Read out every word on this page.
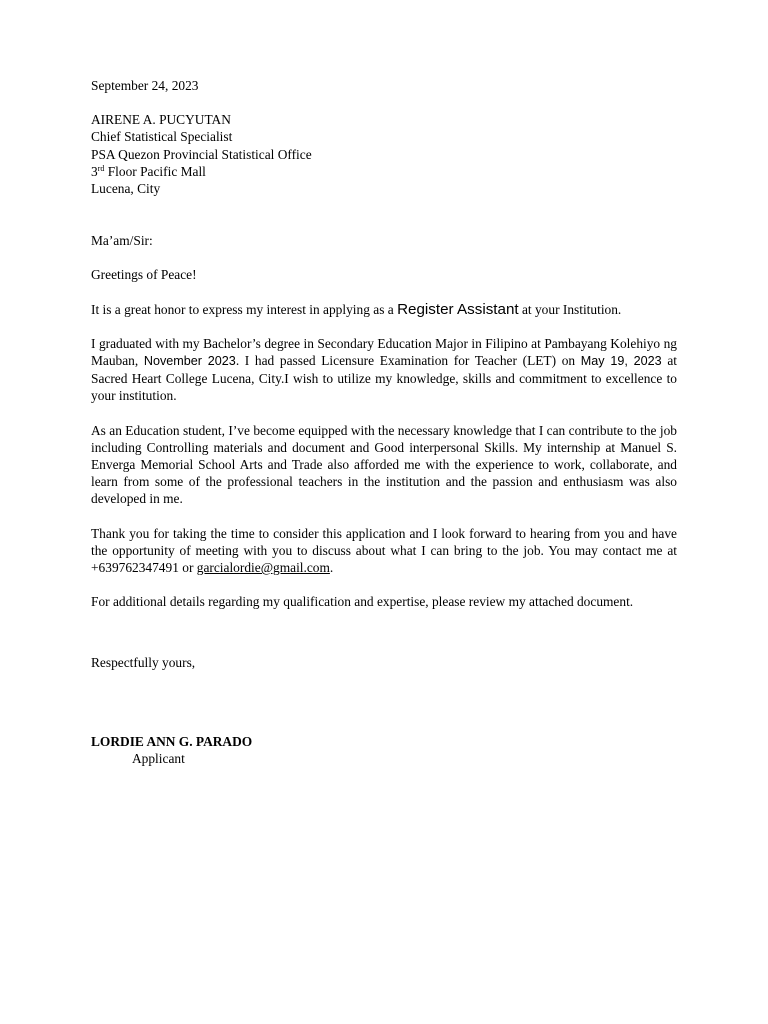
September 24, 2023
AIRENE A. PUCYUTAN
Chief Statistical Specialist
PSA Quezon Provincial Statistical Office
3rd Floor Pacific Mall
Lucena, City
Ma’am/Sir:
Greetings of Peace!
It is a great honor to express my interest in applying as a Register Assistant at your Institution.
I graduated with my Bachelor’s degree in Secondary Education Major in Filipino at Pambayang Kolehiyo ng Mauban, November 2023. I had passed Licensure Examination for Teacher (LET) on May 19, 2023 at Sacred Heart College Lucena, City.I wish to utilize my knowledge, skills and commitment to excellence to your institution.
As an Education student, I’ve become equipped with the necessary knowledge that I can contribute to the job including Controlling materials and document and Good interpersonal Skills. My internship at Manuel S. Enverga Memorial School Arts and Trade also afforded me with the experience to work, collaborate, and learn from some of the professional teachers in the institution and the passion and enthusiasm was also developed in me.
Thank you for taking the time to consider this application and I look forward to hearing from you and have the opportunity of meeting with you to discuss about what I can bring to the job. You may contact me at +639762347491 or garcialordie@gmail.com.
For additional details regarding my qualification and expertise, please review my attached document.
Respectfully yours,
LORDIE ANN G. PARADO
Applicant
